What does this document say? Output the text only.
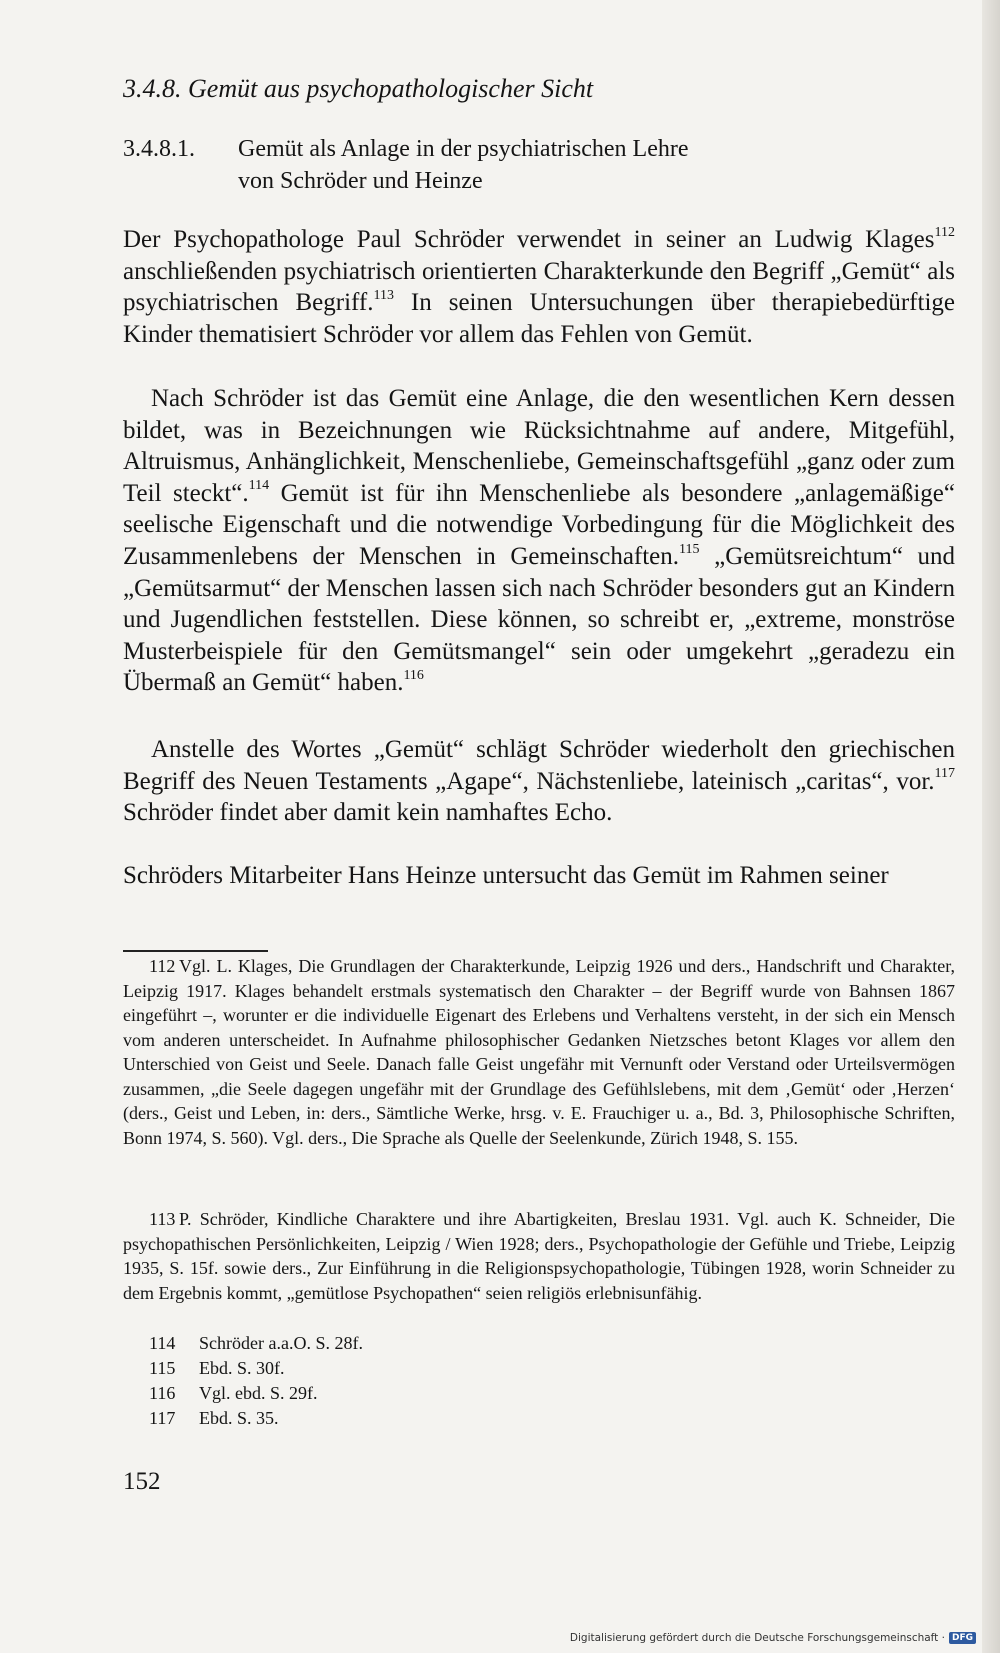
3.4.8. Gemüt aus psychopathologischer Sicht
3.4.8.1. Gemüt als Anlage in der psychiatrischen Lehre
von Schröder und Heinze

Der Psychopathologe Paul Schröder verwendet in seiner an Ludwig Klages$^{112}$ anschließenden psychiatrisch orientierten Charakterkunde den Begriff „Gemüt“ als psychiatrischen Begriff.$^{113}$ In seinen Untersuchungen über therapiebedürftige Kinder thematisiert Schröder vor allem das Fehlen von Gemüt.

Nach Schröder ist das Gemüt eine Anlage, die den wesentlichen Kern dessen bildet, was in Bezeichnungen wie Rücksichtnahme auf andere, Mitgefühl, Altruismus, Anhänglichkeit, Menschenliebe, Gemeinschaftsgefühl „ganz oder zum Teil steckt“.$^{114}$ Gemüt ist für ihn Menschenliebe als besondere „anlagemäßige“ seelische Eigenschaft und die notwendige Vorbedingung für die Möglichkeit des Zusammenlebens der Menschen in Gemeinschaften.$^{115}$ „Gemütsreichtum“ und „Gemütsarmut“ der Menschen lassen sich nach Schröder besonders gut an Kindern und Jugendlichen feststellen. Diese können, so schreibt er, „extreme, monströse Musterbeispiele für den Gemütsmangel“ sein oder umgekehrt „geradezu ein Übermaß an Gemüt“ haben.$^{116}$

Anstelle des Wortes „Gemüt“ schlägt Schröder wiederholt den griechischen Begriff des Neuen Testaments „Agape“, Nächstenliebe, lateinisch „caritas“, vor.$^{117}$ Schröder findet aber damit kein namhaftes Echo.

Schröders Mitarbeiter Hans Heinze untersucht das Gemüt im Rahmen seiner

112 Vgl. L. Klages, Die Grundlagen der Charakterkunde, Leipzig 1926 und ders., Handschrift und Charakter, Leipzig 1917. Klages behandelt erstmals systematisch den Charakter – der Begriff wurde von Bahnsen 1867 eingeführt –, worunter er die individuelle Eigenart des Erlebens und Verhaltens versteht, in der sich ein Mensch vom anderen unterscheidet. In Aufnahme philosophischer Gedanken Nietzsches betont Klages vor allem den Unterschied von Geist und Seele. Danach falle Geist ungefähr mit Vernunft oder Verstand oder Urteilsvermögen zusammen, „die Seele dagegen ungefähr mit der Grundlage des Gefühlslebens, mit dem ‚Gemüt‘ oder ‚Herzen‘ (ders., Geist und Leben, in: ders., Sämtliche Werke, hrsg. v. E. Frauchiger u. a., Bd. 3, Philosophische Schriften, Bonn 1974, S. 560). Vgl. ders., Die Sprache als Quelle der Seelenkunde, Zürich 1948, S. 155.

113 P. Schröder, Kindliche Charaktere und ihre Abartigkeiten, Breslau 1931. Vgl. auch K. Schneider, Die psychopathischen Persönlichkeiten, Leipzig / Wien 1928; ders., Psychopathologie der Gefühle und Triebe, Leipzig 1935, S. 15f. sowie ders., Zur Einführung in die Religionspsychopathologie, Tübingen 1928, worin Schneider zu dem Ergebnis kommt, „gemütlose Psychopathen“ seien religiös erlebnisunfähig.

114 Schröder a.a.O. S. 28f.
115 Ebd. S. 30f.
116 Vgl. ebd. S. 29f.
117 Ebd. S. 35.
152
Digitalisierung gefördert durch die Deutsche Forschungsgemeinschaft · DFG
